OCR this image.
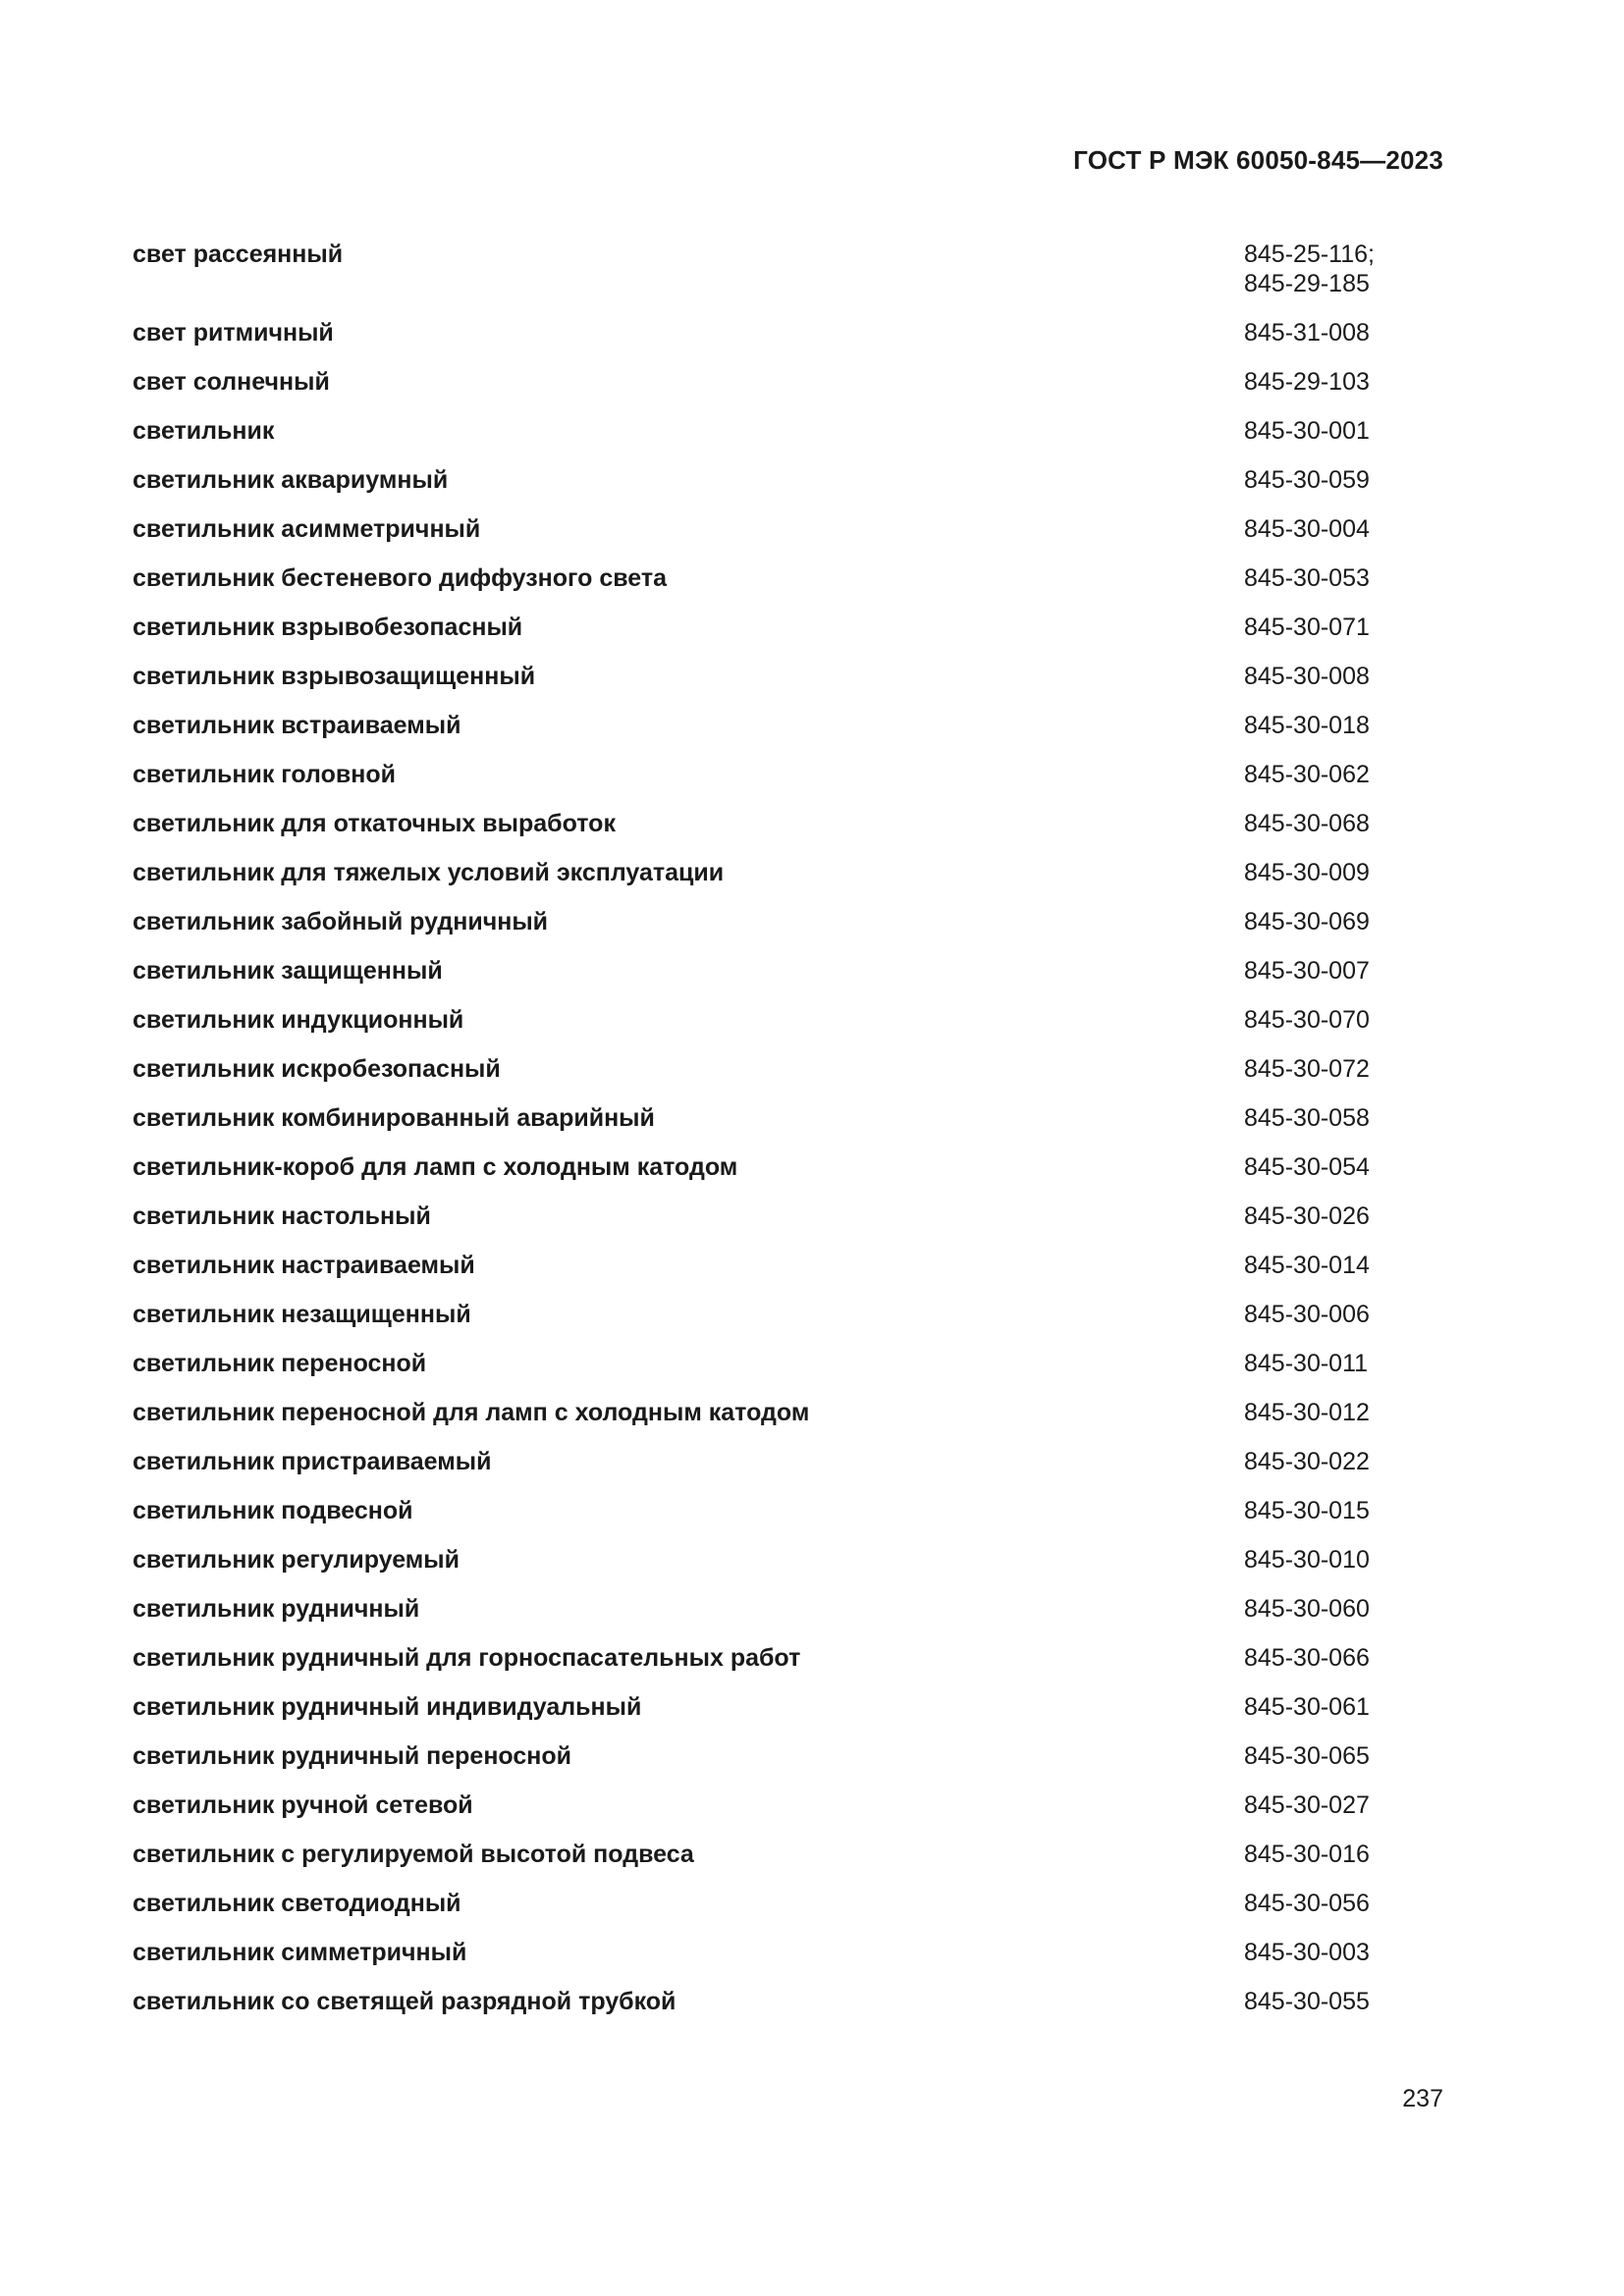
ГОСТ Р МЭК 60050-845—2023
свет рассеянный	845-25-116;
845-29-185
свет ритмичный	845-31-008
свет солнечный	845-29-103
светильник	845-30-001
светильник аквариумный	845-30-059
светильник асимметричный	845-30-004
светильник бестеневого диффузного света	845-30-053
светильник взрывобезопасный	845-30-071
светильник взрывозащищенный	845-30-008
светильник встраиваемый	845-30-018
светильник головной	845-30-062
светильник для откаточных выработок	845-30-068
светильник для тяжелых условий эксплуатации	845-30-009
светильник забойный рудничный	845-30-069
светильник защищенный	845-30-007
светильник индукционный	845-30-070
светильник искробезопасный	845-30-072
светильник комбинированный аварийный	845-30-058
светильник-короб для ламп с холодным катодом	845-30-054
светильник настольный	845-30-026
светильник настраиваемый	845-30-014
светильник незащищенный	845-30-006
светильник переносной	845-30-011
светильник переносной для ламп с холодным катодом	845-30-012
светильник пристраиваемый	845-30-022
светильник подвесной	845-30-015
светильник регулируемый	845-30-010
светильник рудничный	845-30-060
светильник рудничный для горноспасательных работ	845-30-066
светильник рудничный индивидуальный	845-30-061
светильник рудничный переносной	845-30-065
светильник ручной сетевой	845-30-027
светильник с регулируемой высотой подвеса	845-30-016
светильник светодиодный	845-30-056
светильник симметричный	845-30-003
светильник со светящей разрядной трубкой	845-30-055
237
